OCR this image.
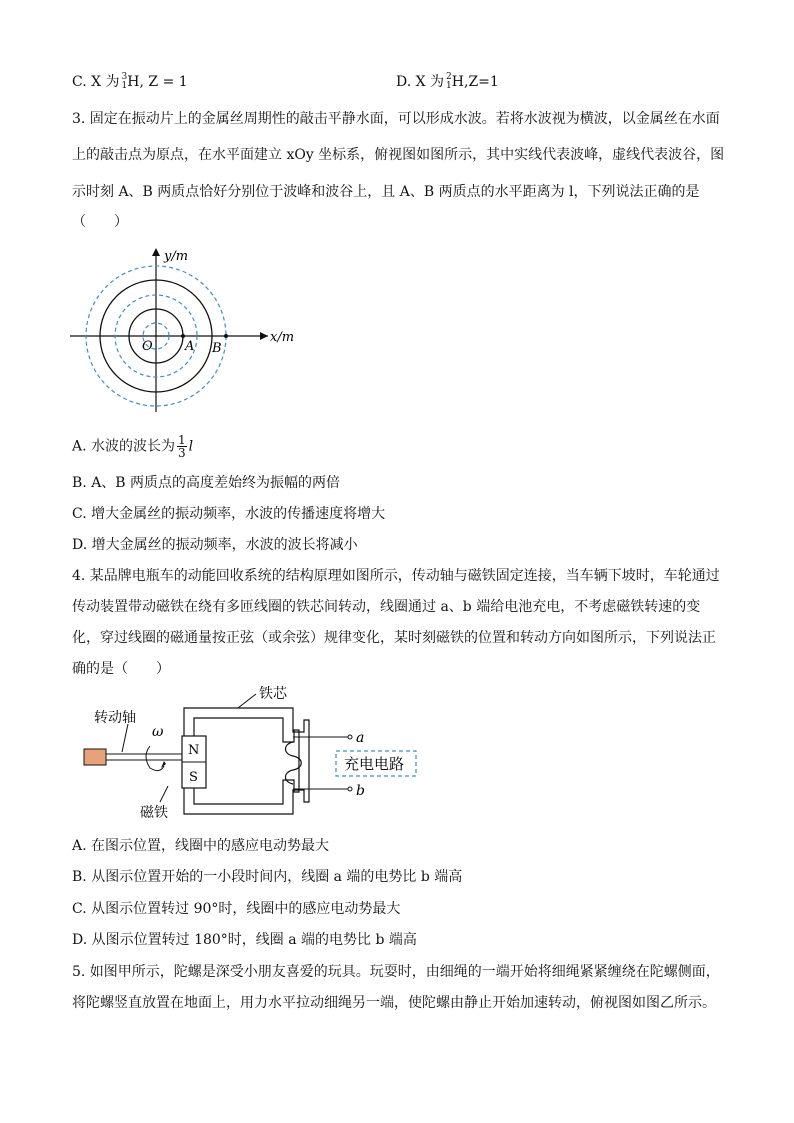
C. X 为 3
1 H, Z = 1	D. X 为 2
1 H,Z=1
3. 固定在振动片上的金属丝周期性的敲击平静水面，可以形成水波。若将水波视为横波，以金属丝在水面
上的敲击点为原点，在水平面建立 xOy 坐标系，俯视图如图所示，其中实线代表波峰，虚线代表波谷，图
示时刻 A、B 两质点恰好分别位于波峰和波谷上，且 A、B 两质点的水平距离为 l，下列说法正确的是
（　　）
y/m
x/m
O A B
A. 水波的波长为 $\frac{1}{3}$ l
B. A、B 两质点的高度差始终为振幅的两倍
C. 增大金属丝的振动频率，水波的传播速度将增大
D. 增大金属丝的振动频率，水波的波长将减小
4. 某品牌电瓶车的动能回收系统的结构原理如图所示，传动轴与磁铁固定连接，当车辆下坡时，车轮通过
传动装置带动磁铁在绕有多匝线圈的铁芯间转动，线圈通过 a、b 端给电池充电，不考虑磁铁转速的变
化，穿过线圈的磁通量按正弦（或余弦）规律变化，某时刻磁铁的位置和转动方向如图所示，下列说法正
确的是（　　）
铁芯
N
S
转动轴
ω
磁铁
a
b
充电电路
A. 在图示位置，线圈中的感应电动势最大
B. 从图示位置开始的一小段时间内，线圈 a 端的电势比 b 端高
C. 从图示位置转过 90°时，线圈中的感应电动势最大
D. 从图示位置转过 180°时，线圈 a 端的电势比 b 端高
5. 如图甲所示，陀螺是深受小朋友喜爱的玩具。玩耍时，由细绳的一端开始将细绳紧紧缠绕在陀螺侧面，
将陀螺竖直放置在地面上，用力水平拉动细绳另一端，使陀螺由静止开始加速转动，俯视图如图乙所示。
